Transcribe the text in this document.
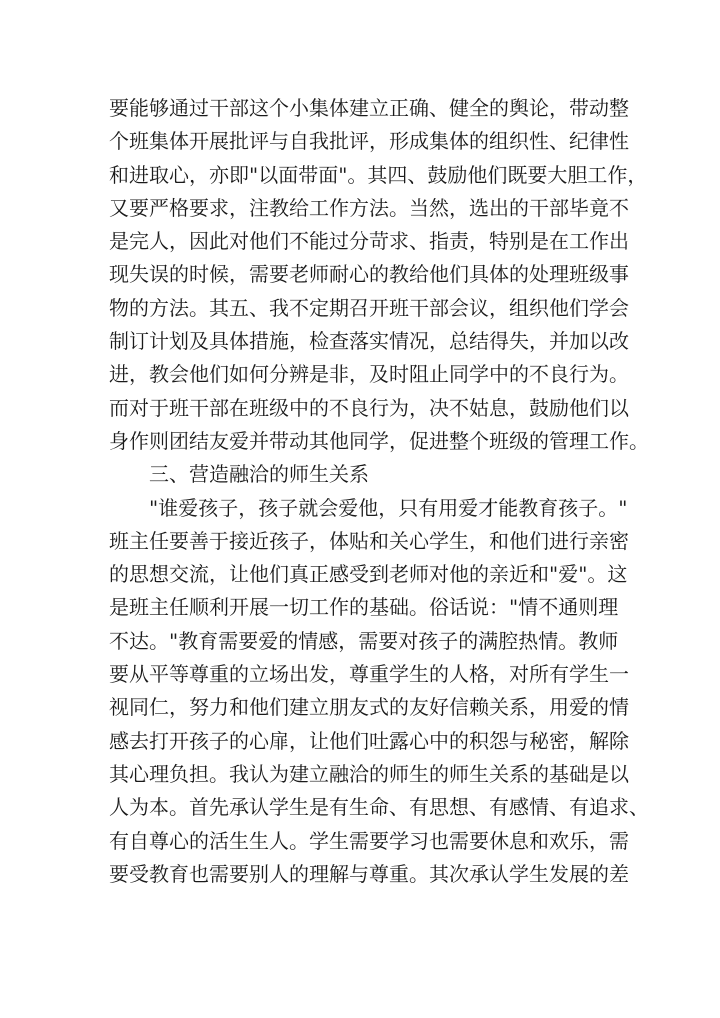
要能够通过干部这个小集体建立正确、健全的舆论，带动整
个班集体开展批评与自我批评，形成集体的组织性、纪律性
和进取心，亦即"以面带面"。其四、鼓励他们既要大胆工作，
又要严格要求，注教给工作方法。当然，选出的干部毕竟不
是完人，因此对他们不能过分苛求、指责，特别是在工作出
现失误的时候，需要老师耐心的教给他们具体的处理班级事
物的方法。其五、我不定期召开班干部会议，组织他们学会
制订计划及具体措施，检查落实情况，总结得失，并加以改
进，教会他们如何分辨是非，及时阻止同学中的不良行为。
而对于班干部在班级中的不良行为，决不姑息，鼓励他们以
身作则团结友爱并带动其他同学，促进整个班级的管理工作。
三、营造融洽的师生关系
"谁爱孩子，孩子就会爱他，只有用爱才能教育孩子。"
班主任要善于接近孩子，体贴和关心学生，和他们进行亲密
的思想交流，让他们真正感受到老师对他的亲近和"爱"。这
是班主任顺利开展一切工作的基础。俗话说："情不通则理
不达。"教育需要爱的情感，需要对孩子的满腔热情。教师
要从平等尊重的立场出发，尊重学生的人格，对所有学生一
视同仁，努力和他们建立朋友式的友好信赖关系，用爱的情
感去打开孩子的心扉，让他们吐露心中的积怨与秘密，解除
其心理负担。我认为建立融洽的师生的师生关系的基础是以
人为本。首先承认学生是有生命、有思想、有感情、有追求、
有自尊心的活生生人。学生需要学习也需要休息和欢乐，需
要受教育也需要别人的理解与尊重。其次承认学生发展的差
